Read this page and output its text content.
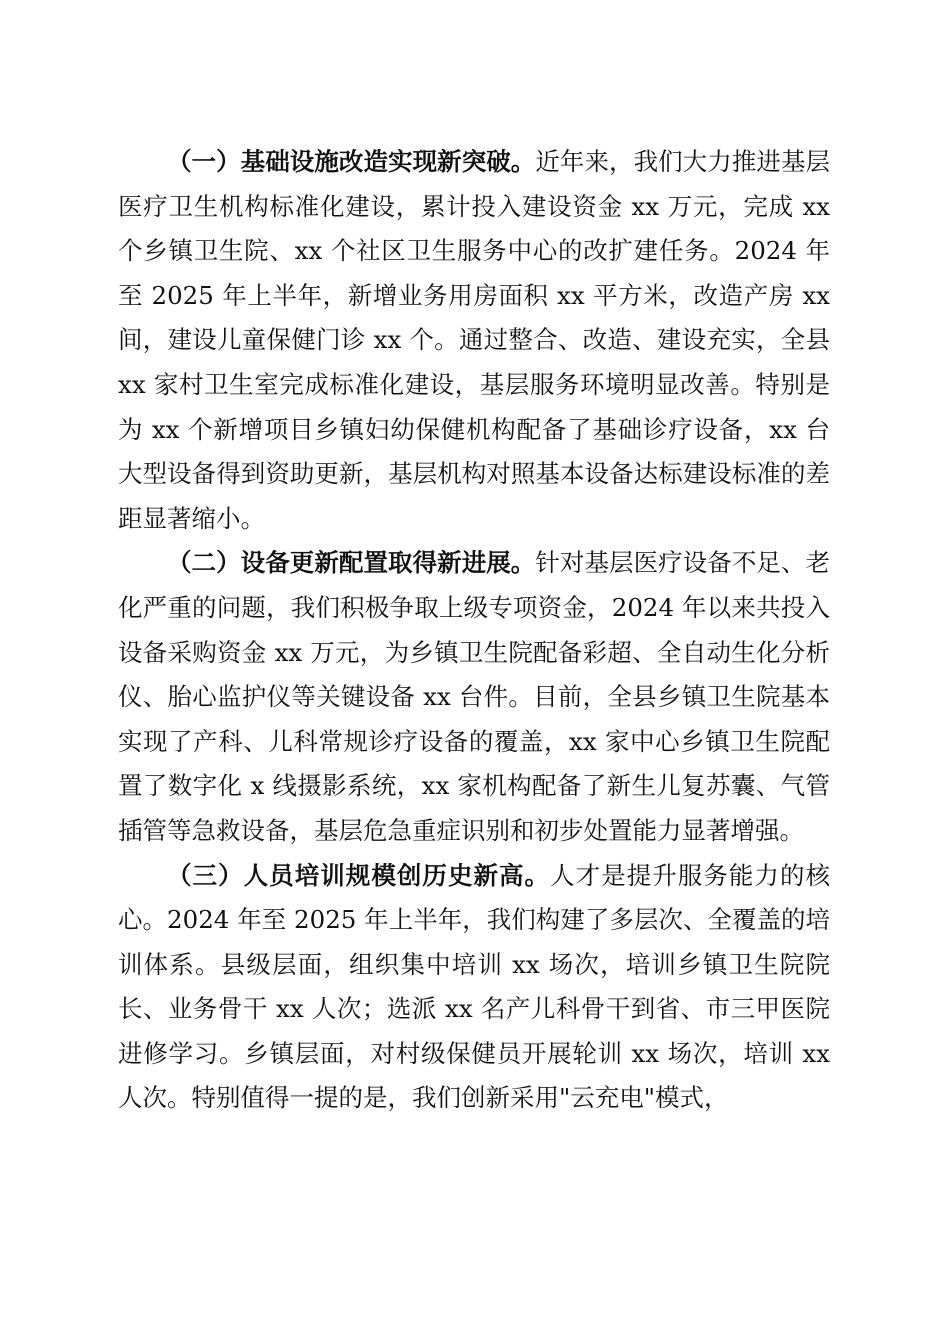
（一）基础设施改造实现新突破。近年来，我们大力推进基层医疗卫生机构标准化建设，累计投入建设资金 xx 万元，完成 xx 个乡镇卫生院、xx 个社区卫生服务中心的改扩建任务。2024 年至 2025 年上半年，新增业务用房面积 xx 平方米，改造产房 xx 间，建设儿童保健门诊 xx 个。通过整合、改造、建设充实，全县 xx 家村卫生室完成标准化建设，基层服务环境明显改善。特别是为 xx 个新增项目乡镇妇幼保健机构配备了基础诊疗设备，xx 台大型设备得到资助更新，基层机构对照基本设备达标建设标准的差距显著缩小。

（二）设备更新配置取得新进展。针对基层医疗设备不足、老化严重的问题，我们积极争取上级专项资金，2024 年以来共投入设备采购资金 xx 万元，为乡镇卫生院配备彩超、全自动生化分析仪、胎心监护仪等关键设备 xx 台件。目前，全县乡镇卫生院基本实现了产科、儿科常规诊疗设备的覆盖，xx 家中心乡镇卫生院配置了数字化 x 线摄影系统，xx 家机构配备了新生儿复苏囊、气管插管等急救设备，基层危急重症识别和初步处置能力显著增强。

（三）人员培训规模创历史新高。人才是提升服务能力的核心。2024 年至 2025 年上半年，我们构建了多层次、全覆盖的培训体系。县级层面，组织集中培训 xx 场次，培训乡镇卫生院院长、业务骨干 xx 人次；选派 xx 名产儿科骨干到省、市三甲医院进修学习。乡镇层面，对村级保健员开展轮训 xx 场次，培训 xx 人次。特别值得一提的是，我们创新采用"云充电"模式，
